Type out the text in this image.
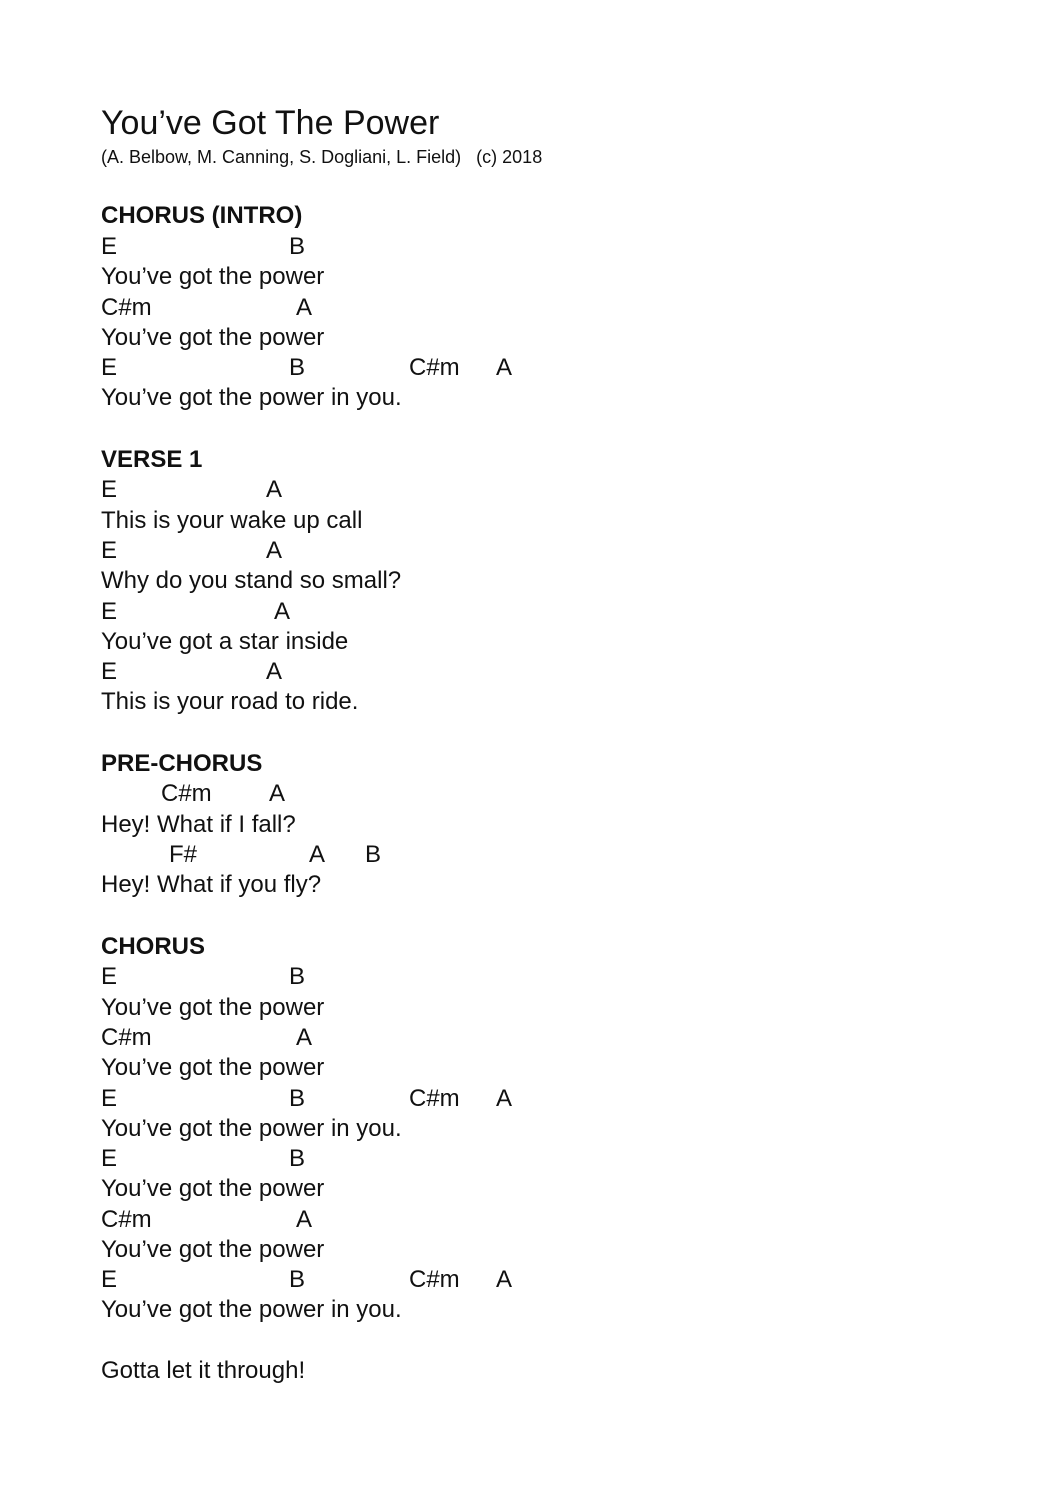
You’ve Got The Power
(A. Belbow, M. Canning, S. Dogliani, L. Field)   (c) 2018
CHORUS (INTRO)
E	B
You’ve got the power
C#m	A
You’ve got the power
E	B	C#m A
You’ve got the power in you.
VERSE 1
E	A
This is your wake up call
E	A
Why do you stand so small?
E	A
You’ve got a star inside
E	A
This is your road to ride.
PRE-CHORUS
C#m A
Hey! What if I fall?
F#	A B
Hey! What if you fly?
CHORUS
E	B
You’ve got the power
C#m	A
You’ve got the power
E	B	C#m A
You’ve got the power in you.
E	B
You’ve got the power
C#m	A
You’ve got the power
E	B	C#m A
You’ve got the power in you.
Gotta let it through!
